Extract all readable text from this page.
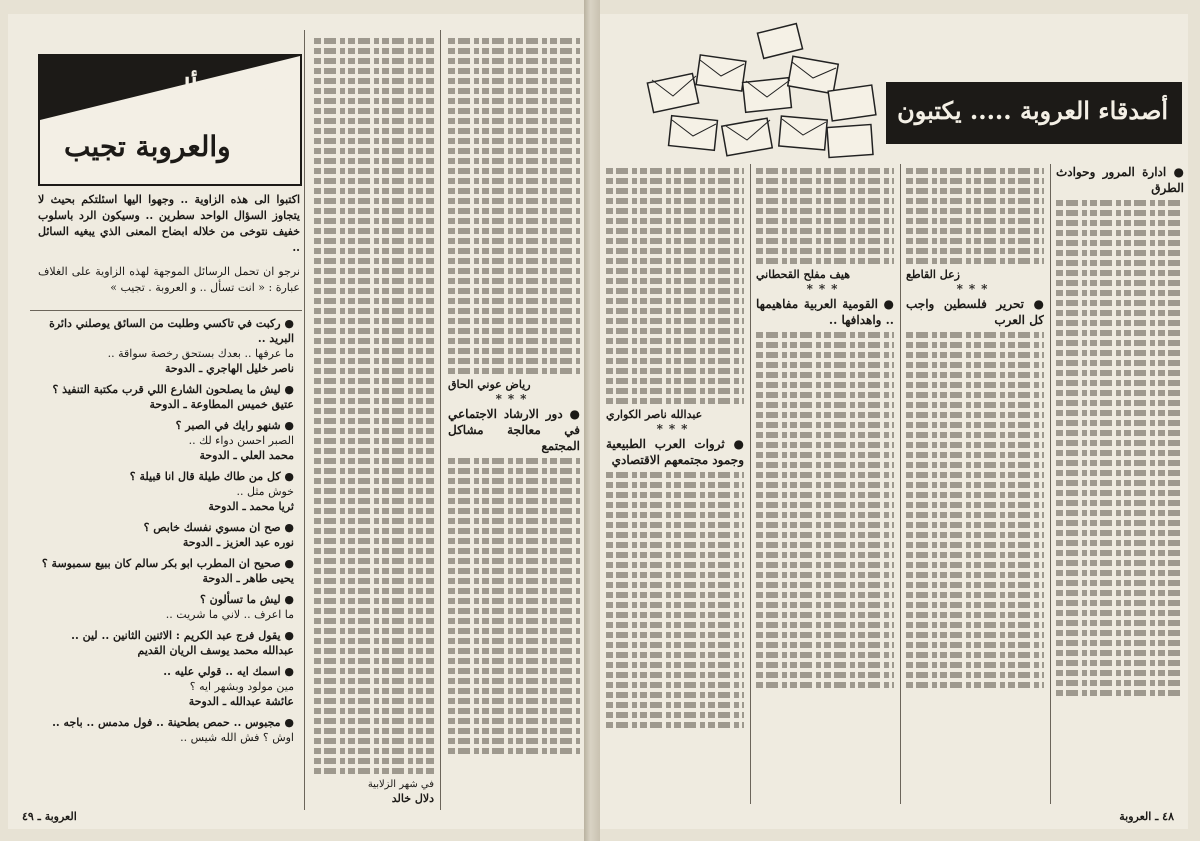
أنت تسأل
والعروبة تجيب
اكتبوا الى هذه الزاوية .. وجهوا اليها اسئلتكم بحيث لا يتجاوز السؤال الواحد سطرين .. وسيكون الرد باسلوب خفيف نتوخى من خلاله ابضاح المعنى الذي يبغيه السائل ..

نرجو ان تحمل الرسائل الموجهة لهذه الزاوية على الغلاف عبارة : « انت تسأل .. و العروبة . تجيب »
● ركبت في تاكسي وطلبت من السائق يوصلني دائرة البريد ..
ما عرفها .. بعدك بستحق رخصة سواقة ..
ناصر خليل الهاجري ـ الدوحة
● ليش ما يصلحون الشارع اللي قرب مكتبة التنفيذ ؟
عتيق خميس المطاوعة ـ الدوحة
● شنهو رايك في الصبر ؟
الصبر احسن دواء لك ..
محمد العلي ـ الدوحة
● كل من طاك طيلة قال انا قبيلة ؟
خوش مثل ..
ثريا محمد ـ الدوحة
● صح ان مسوي نفسك خابص ؟
نوره عبد العزيز ـ الدوحة
● صحيح ان المطرب ابو بكر سالم كان ببيع سمبوسة ؟
يحيى طاهر ـ الدوحة
● ليش ما تسألون ؟
ما اعرف .. لاني ما شريت ..
● يقول فرج عبد الكريم : الاثنين الثانين .. لين ..
عبدالله محمد يوسف الريان القديم
● اسمك ايه .. قولي عليه ..
مين مولود وبشهر ايه ؟
عائشة عبدالله ـ الدوحة
● مجبوس .. حمص بطحينة .. فول مدمس .. باجه ..
اوش ؟ فش الله شيس ..
في شهر الزلابية
دلال خالد
رياض عوني الحاق
***
● دور الارشاد الاجتماعي في معالجة مشاكل المجتمع
العروبة ـ ٤٩
أصدقاء العروبة ..... يكتبون
عبدالله ناصر الكواري
***
● ثروات العرب الطبيعية وجمود مجتمعهم الاقتصادي
هيف مفلح القحطاني
***
● القومية العربية مفاهيمها .. واهدافها ..
زعل القاطع
***
● تحرير فلسطين واجب كل العرب
● ادارة المرور وحوادث الطرق
٤٨ ـ العروبة
